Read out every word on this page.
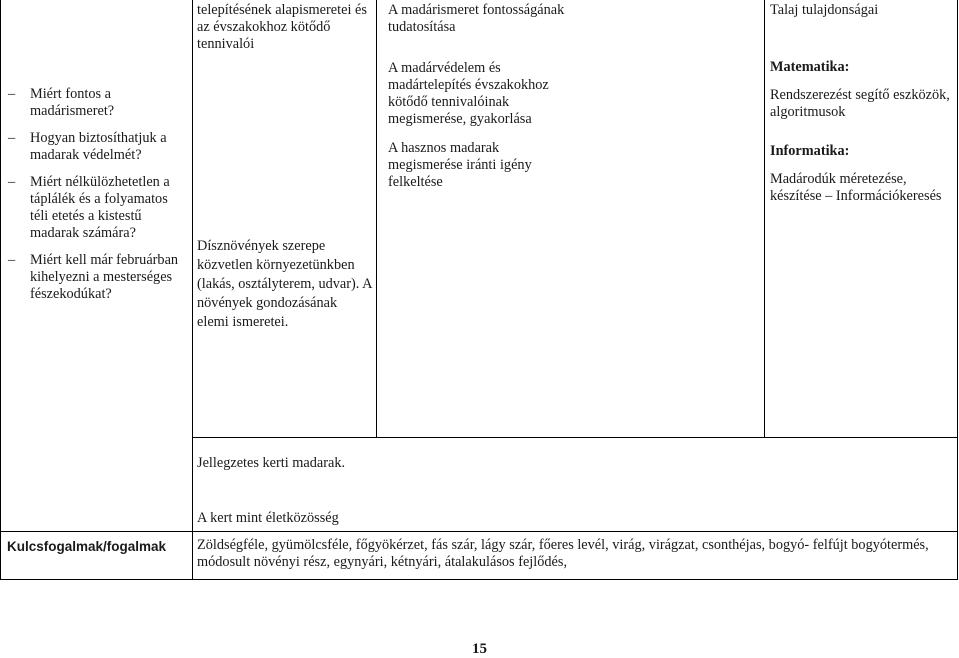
– Miért fontos a madárismeret?
– Hogyan biztosíthatjuk a madarak védelmét?
– Miért nélkülözhetetlen a táplálék és a folyamatos téli etetés a kistestű madarak számára?
– Miért kell már februárban kihelyezni a mesterséges fészekodúkat?
telepítésének alapismeretei és az évszakokhoz kötődő tennivalói
Dísznövények szerepe közvetlen környezetünkben (lakás, osztályterem, udvar). A növények gondozásának elemi ismeretei.

A madárismeret fontosságának tudatosítása

A madárvédelem és madártelepítés évszakokhoz kötődő tennivalóinak megismerése, gyakorlása

A hasznos madarak megismerése iránti igény felkeltése

Talaj tulajdonságai

Matematika:

Rendszerezést segítő eszközök, algoritmusok

Informatika:

Madárodúk méretezése, készítése – Információkeresés

Jellegzetes kerti madarak.
A kert mint életközösség
Kulcsfogalmak/fogalmak Zöldségféle, gyümölcsféle, főgyökérzet, fás szár, lágy szár, főeres levél, virág, virágzat, csonthéjas, bogyó- felfújt bogyótermés, módosult növényi rész, egynyári, kétnyári, átalakulásos fejlődés,
15
